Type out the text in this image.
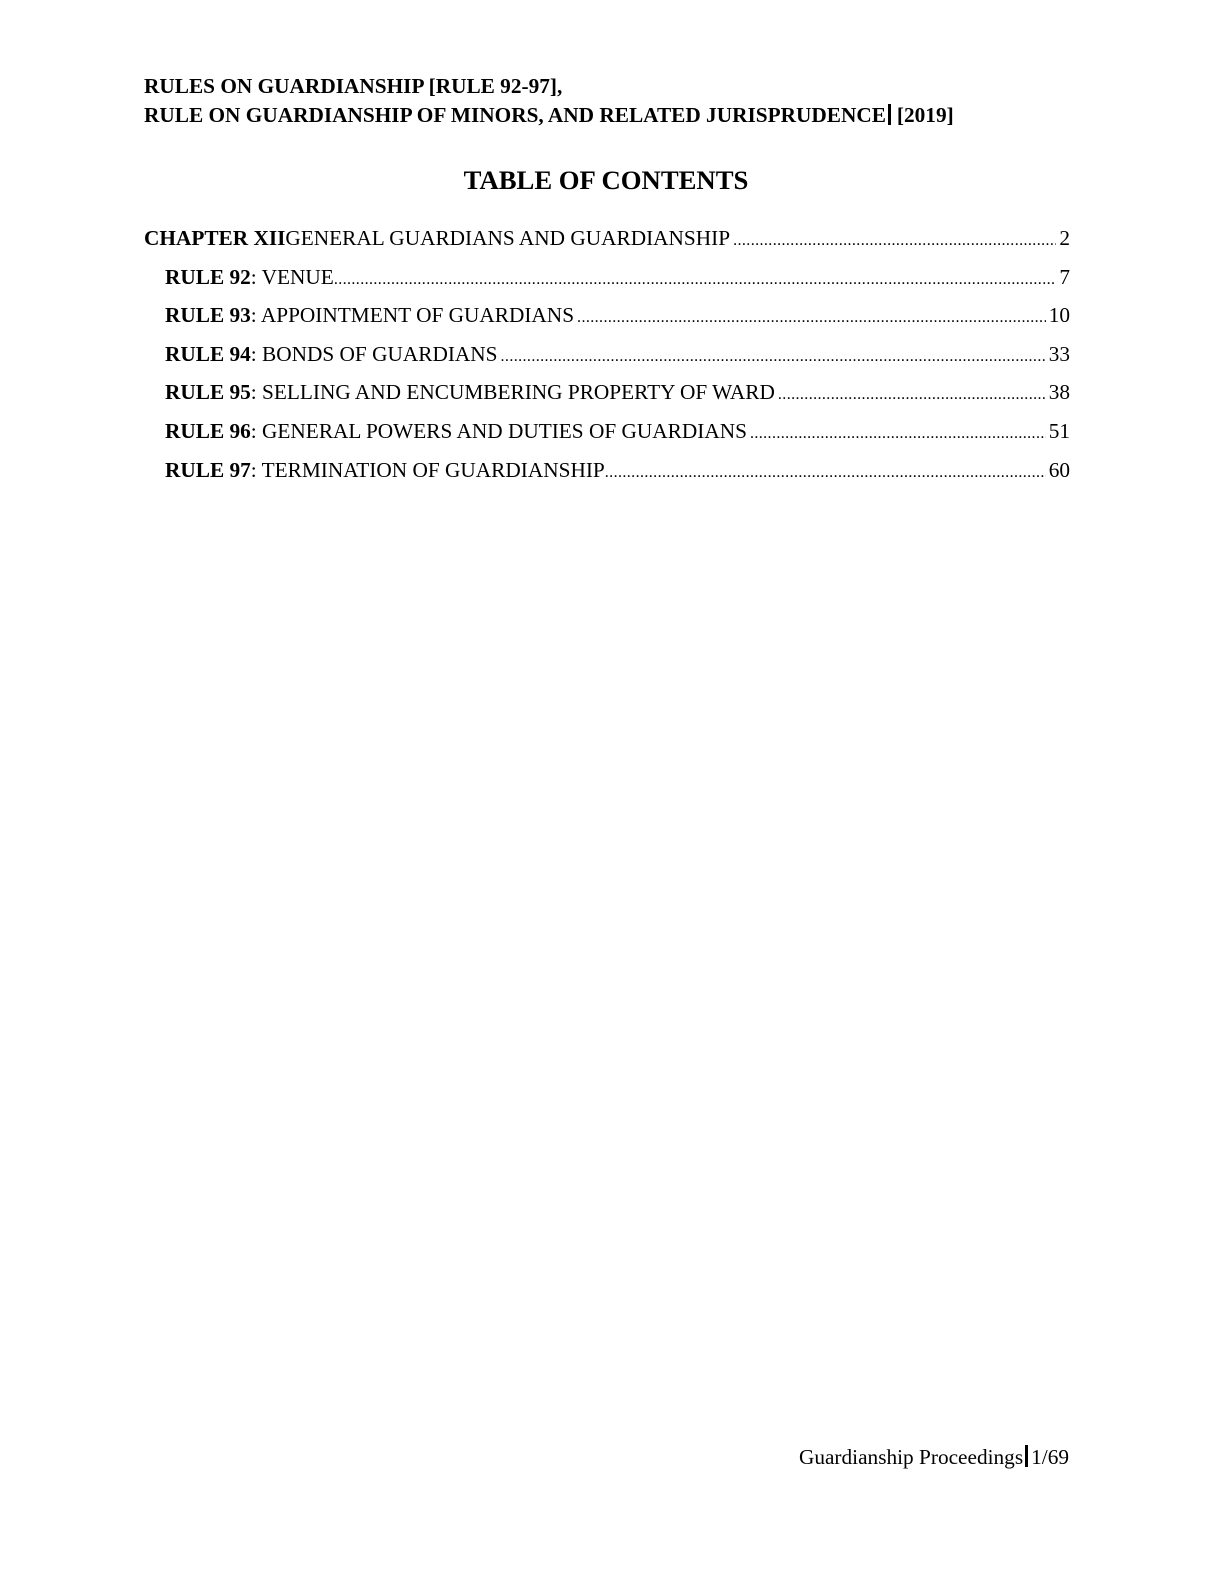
RULES ON GUARDIANSHIP [RULE 92-97],
RULE ON GUARDIANSHIP OF MINORS, AND RELATED JURISPRUDENCE [2019]
TABLE OF CONTENTS
CHAPTER XII GENERAL GUARDIANS AND GUARDIANSHIP .....	2
RULE 92 : VENUE .....	7
RULE 93 : APPOINTMENT OF GUARDIANS .....	10
RULE 94 : BONDS OF GUARDIANS .....	33
RULE 95 : SELLING AND ENCUMBERING PROPERTY OF WARD .....	38
RULE 96 : GENERAL POWERS AND DUTIES OF GUARDIANS .....	51
RULE 97 : TERMINATION OF GUARDIANSHIP .....	60
Guardianship Proceedings 1/69
